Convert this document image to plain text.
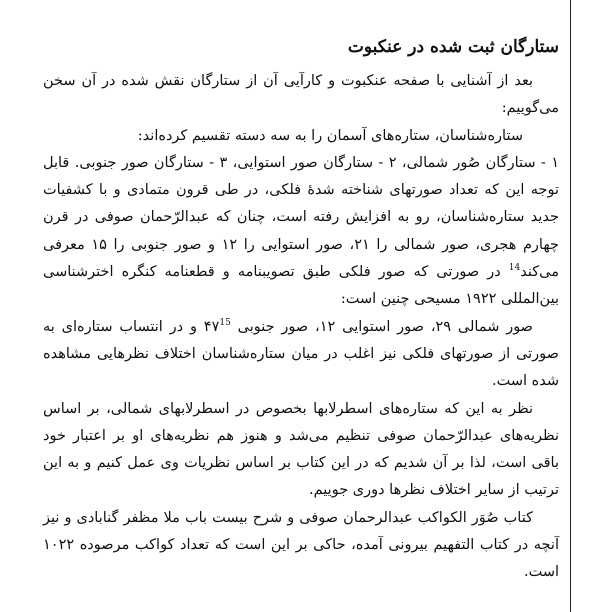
ستارگان ثبت شده در عنکبوت

بعد از آشنایی با صفحه عنکبوت و کارآیی آن از ستارگان نقش شده در آن سخن می‌گوییم:

ستاره‌شناسان، ستاره‌های آسمان را به سه دسته تقسیم کرده‌اند:

۱ - ستارگان صُور شمالی، ۲ - ستارگان صور استوایی، ۳ - ستارگان صور جنوبی. قابل توجه این که تعداد صورتهای شناخته شدهٔ فلکی، در طی قرون متمادی و با کشفیات جدید ستاره‌شناسان، رو به افزایش رفته است، چنان که عبدالرّحمان صوفی در قرن چهارم هجری، صور شمالی را ۲۱، صور استوایی را ۱۲ و صور جنوبی را ۱۵ معرفی می‌کند$^{14}$ در صورتی که صور فلکی طبق تصویبنامه و قطعنامه کنگره اخترشناسی بین‌المللی ۱۹۲۲ مسیحی چنین است:

صور شمالی ۲۹، صور استوایی ۱۲، صور جنوبی ۴۷$^{15}$ و در انتساب ستاره‌ای به صورتی از صورتهای فلکی نیز اغلب در میان ستاره‌شناسان اختلاف نظرهایی مشاهده شده است.

نظر به این که ستاره‌های اسطرلابها بخصوص در اسطرلابهای شمالی، بر اساس نظریه‌های عبدالرّحمان صوفی تنظیم می‌شد و هنوز هم نظریه‌های او بر اعتبار خود باقی است، لذا بر آن شدیم که در این کتاب بر اساس نظریات وی عمل کنیم و به این ترتیب از سایر اختلاف نظرها دوری جوییم.

کتاب صُوَر الکواکب عبدالرحمان صوفی و شرح بیست باب ملا مظفر گنابادی و نیز آنچه در کتاب التفهیم بیرونی آمده، حاکی بر این است که تعداد کواکب مرصوده ۱۰۲۲ است.
